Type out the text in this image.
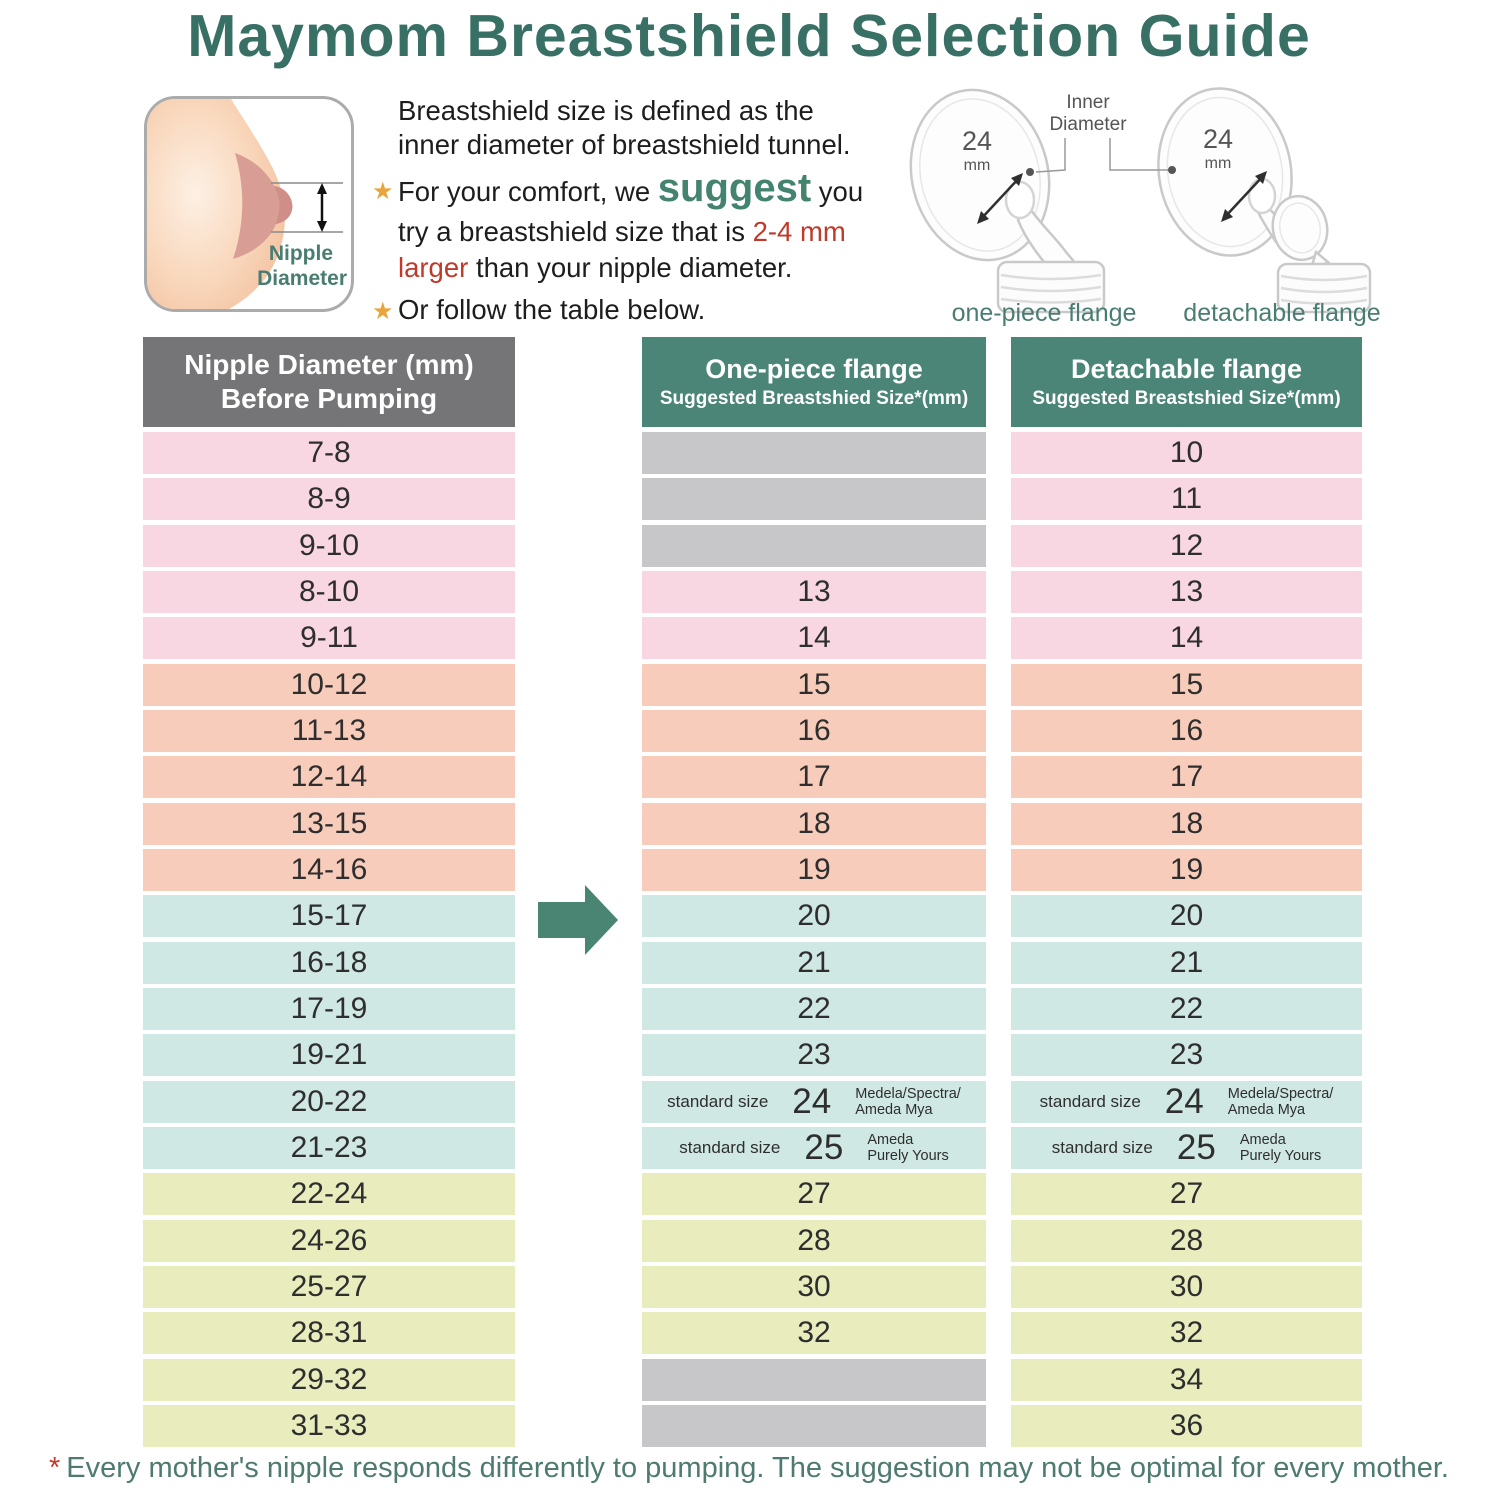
Maymom Breastshield Selection Guide
Nipple
Diameter
Breastshield size is defined as the
inner diameter of breastshield tunnel.
★ For your comfort, we suggest you
try a breastshield size that is 2-4 mm
larger than your nipple diameter.
★ Or follow the table below.
24
mm
24
mm
Inner
Diameter
one-piece flange detachable flange
Nipple Diameter (mm)
Before Pumping
7-8
8-9
9-10
8-10
9-11
10-12
11-13
12-14
13-15
14-16
15-17
16-18
17-19
19-21
20-22
21-23
22-24
24-26
25-27
28-31
29-32
31-33
One-piece flange
Suggested Breastshied Size*(mm)
13
14
15
16
17
18
19
20
21
22
23
standard size 24 Medela/Spectra/
Ameda Mya
standard size 25 Ameda
Purely Yours
27
28
30
32
Detachable flange
Suggested Breastshied Size*(mm)
10
11
12
13
14
15
16
17
18
19
20
21
22
23
standard size 24 Medela/Spectra/
Ameda Mya
standard size 25 Ameda
Purely Yours
27
28
30
32
34
36
* Every mother's nipple responds differently to pumping. The suggestion may not be optimal for every mother.
